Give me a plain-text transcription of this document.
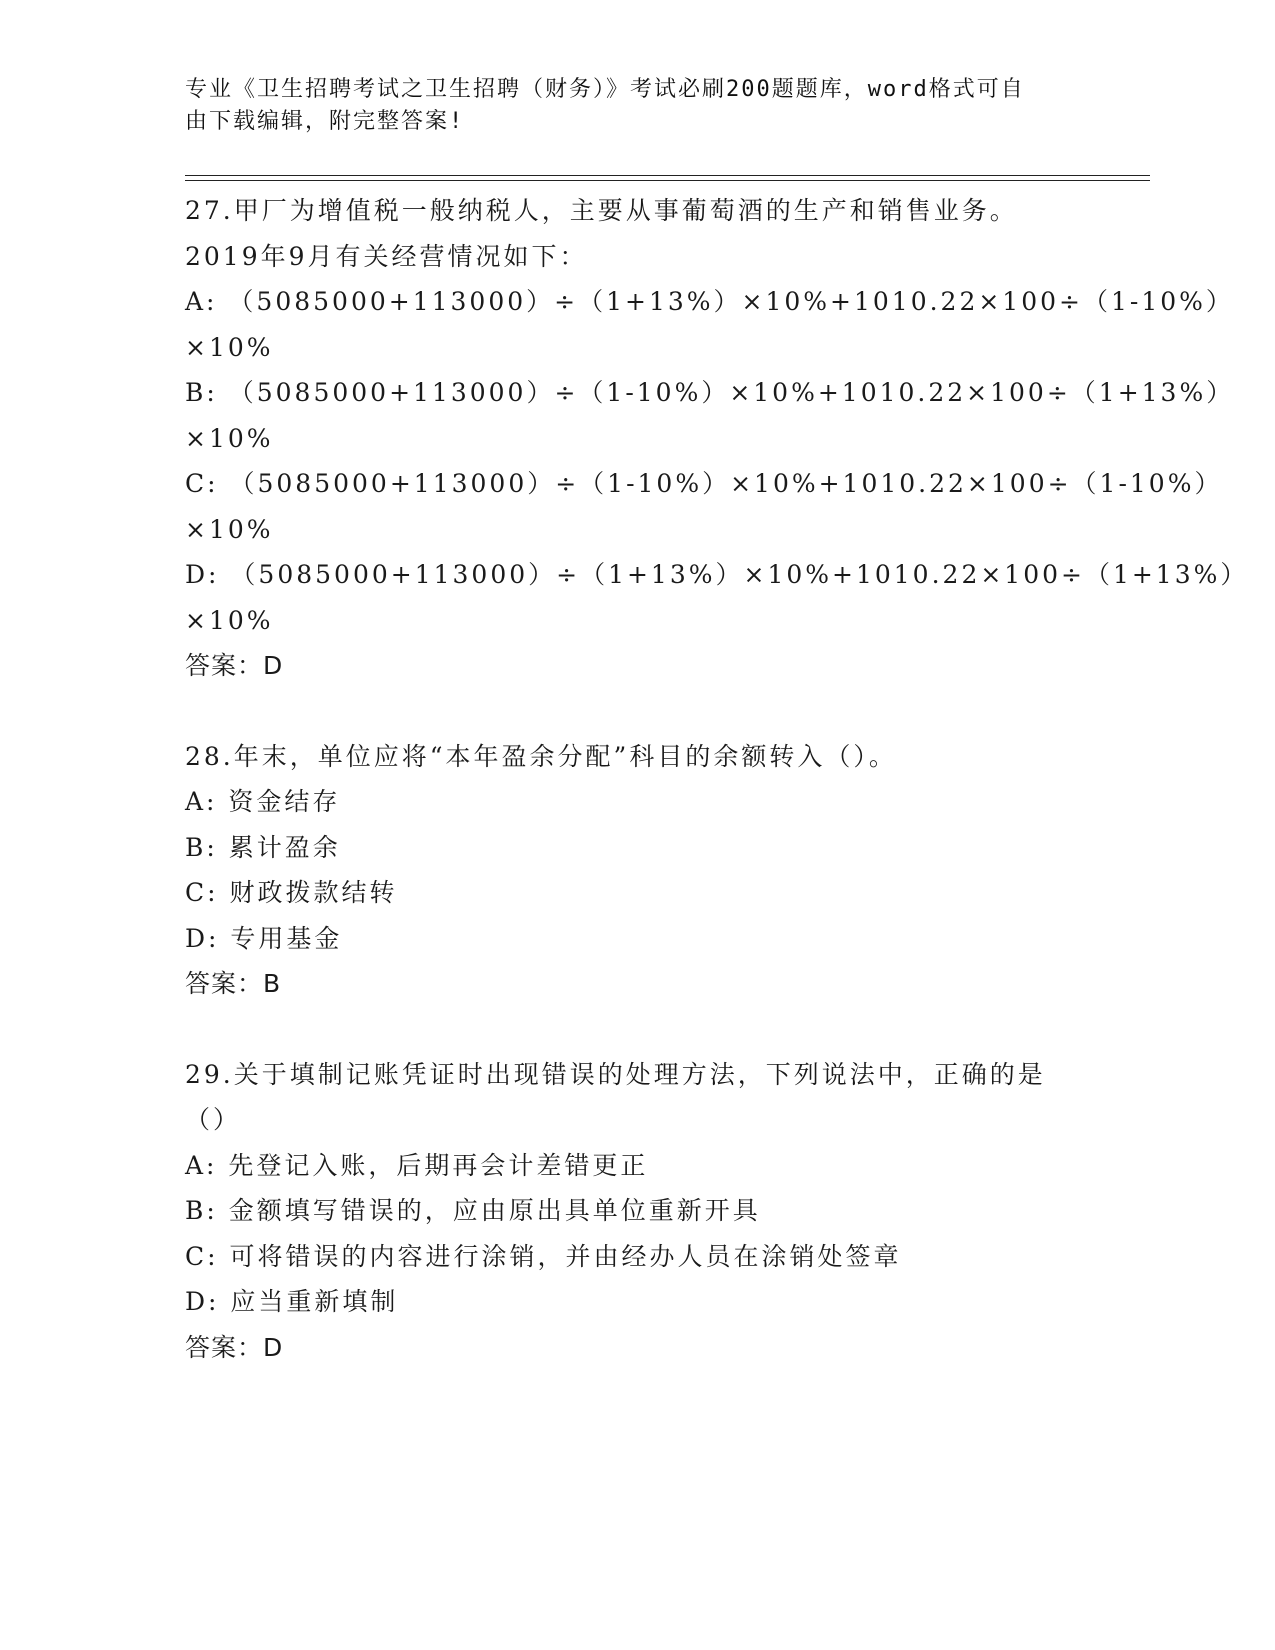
专业《卫生招聘考试之卫生招聘（财务）》考试必刷200题题库，word格式可自
由下载编辑，附完整答案!
27.甲厂为增值税一般纳税人，主要从事葡萄酒的生产和销售业务。
2019年9月有关经营情况如下：
A: （5085000+113000）÷（1+13%）×10%+1010.22×100÷（1-10%）
×10%
B: （5085000+113000）÷（1-10%）×10%+1010.22×100÷（1+13%）
×10%
C: （5085000+113000）÷（1-10%）×10%+1010.22×100÷（1-10%）
×10%
D: （5085000+113000）÷（1+13%）×10%+1010.22×100÷（1+13%）
×10%
答案：D
28.年末，单位应将“本年盈余分配”科目的余额转入（）。
A: 资金结存
B: 累计盈余
C: 财政拨款结转
D: 专用基金
答案：B
29.关于填制记账凭证时出现错误的处理方法，下列说法中，正确的是
（）
A: 先登记入账，后期再会计差错更正
B: 金额填写错误的，应由原出具单位重新开具
C: 可将错误的内容进行涂销，并由经办人员在涂销处签章
D: 应当重新填制
答案：D
